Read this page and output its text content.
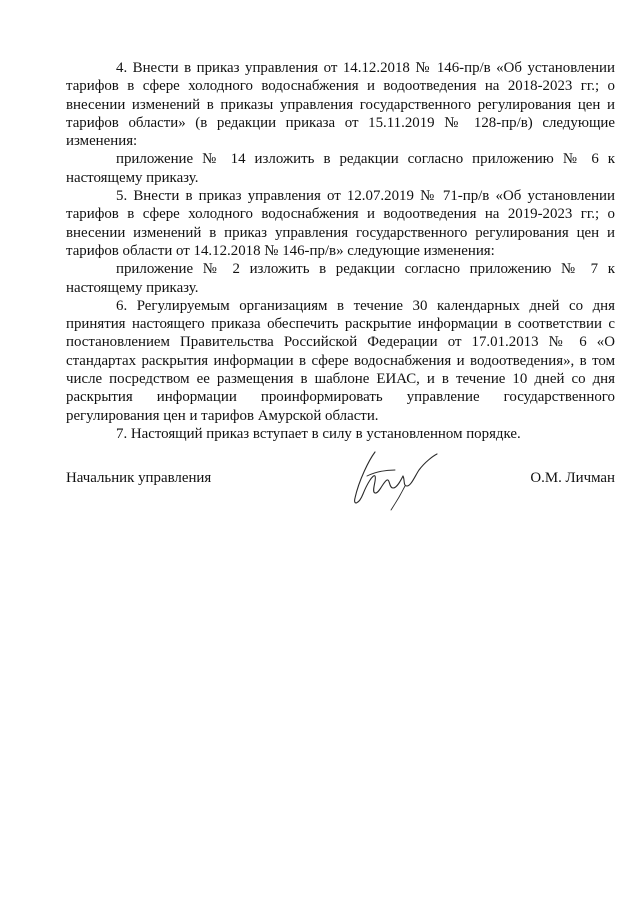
4. Внести в приказ управления от 14.12.2018 № 146-пр/в «Об установлении тарифов в сфере холодного водоснабжения и водоотведения на 2018-2023 гг.; о внесении изменений в приказы управления государственного регулирования цен и тарифов области» (в редакции приказа от 15.11.2019 № 128-пр/в) следующие изменения:

приложение № 14 изложить в редакции согласно приложению № 6 к настоящему приказу.

5. Внести в приказ управления от 12.07.2019 № 71-пр/в «Об установлении тарифов в сфере холодного водоснабжения и водоотведения на 2019-2023 гг.; о внесении изменений в приказ управления государственного регулирования цен и тарифов области от 14.12.2018 № 146-пр/в» следующие изменения:

приложение № 2 изложить в редакции согласно приложению № 7 к настоящему приказу.

6. Регулируемым организациям в течение 30 календарных дней со дня принятия настоящего приказа обеспечить раскрытие информации в соответствии с постановлением Правительства Российской Федерации от 17.01.2013 № 6 «О стандартах раскрытия информации в сфере водоснабжения и водоотведения», в том числе посредством ее размещения в шаблоне ЕИАС, и в течение 10 дней со дня раскрытия информации проинформировать управление государственного регулирования цен и тарифов Амурской области.

7. Настоящий приказ вступает в силу в установленном порядке.

Начальник управления	О.М. Личман
